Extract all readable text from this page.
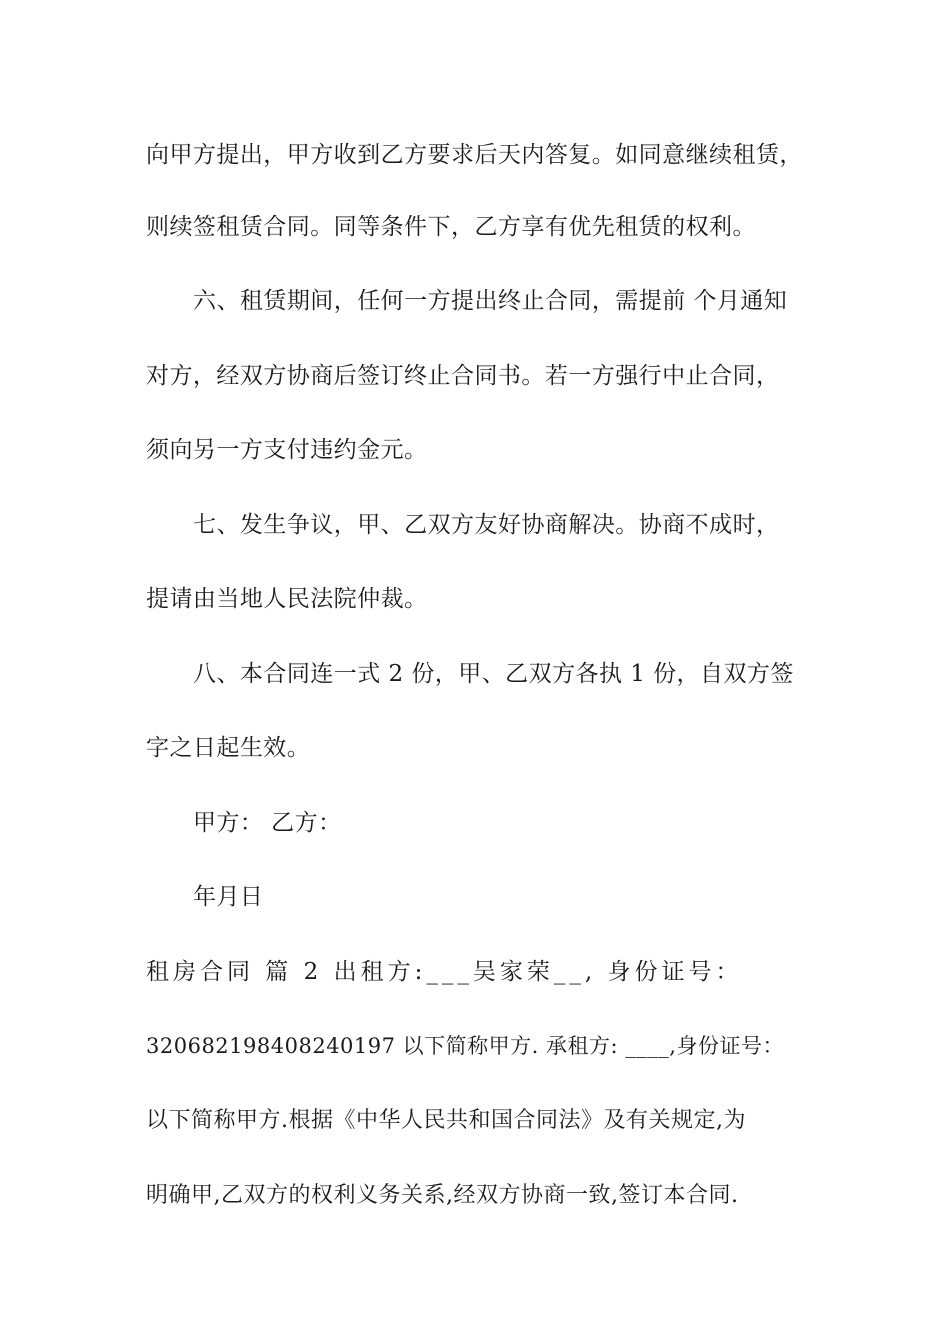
向甲方提出，甲方收到乙方要求后天内答复。如同意继续租赁，
则续签租赁合同。同等条件下，乙方享有优先租赁的权利。
六、租赁期间，任何一方提出终止合同，需提前 个月通知
对方，经双方协商后签订终止合同书。若一方强行中止合同，
须向另一方支付违约金元。
七、发生争议，甲、乙双方友好协商解决。协商不成时，
提请由当地人民法院仲裁。
八、本合同连一式 2 份，甲、乙双方各执 1 份，自双方签
字之日起生效。
甲方： 乙方：
年月日
租房合同 篇 2 出租方:___吴家荣__, 身份证号：
320682198408240197 以下简称甲方. 承租方: ____,身份证号：
以下简称甲方.根据《中华人民共和国合同法》及有关规定,为
明确甲,乙双方的权利义务关系,经双方协商一致,签订本合同.
